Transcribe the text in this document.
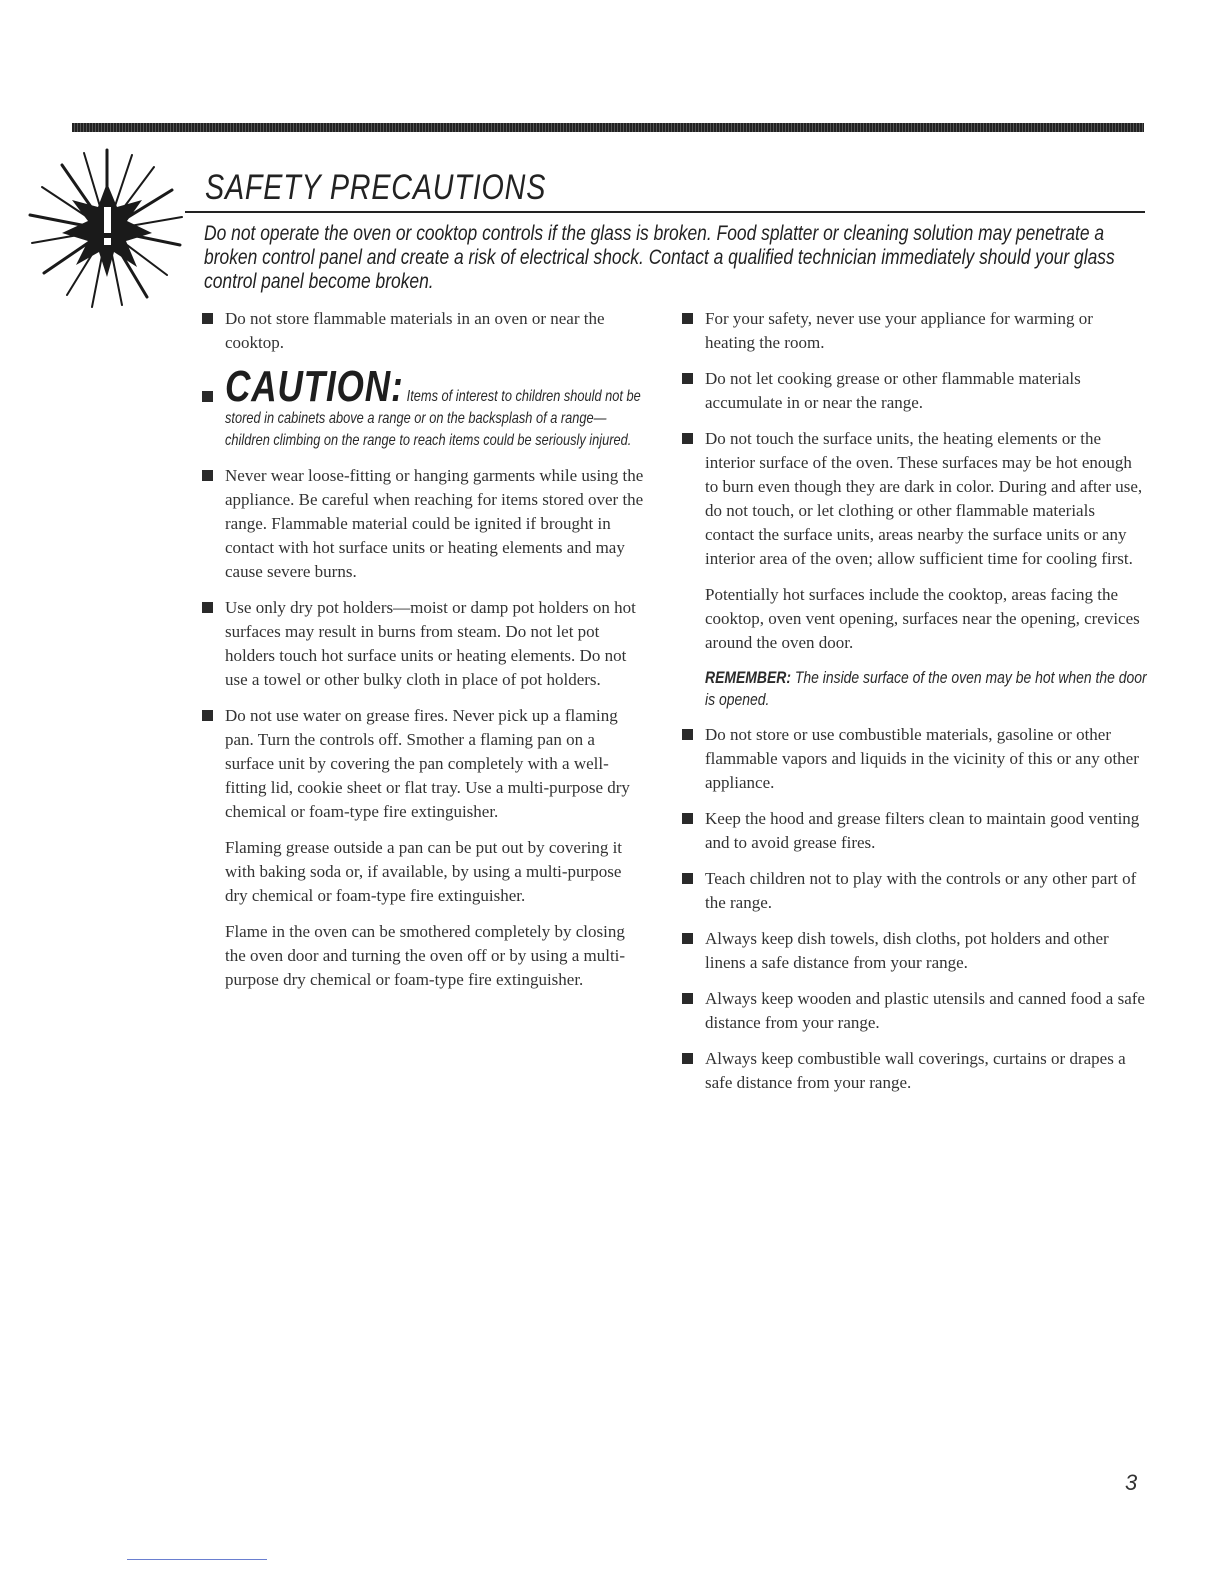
SAFETY PRECAUTIONS
Do not operate the oven or cooktop controls if the glass is broken. Food splatter or cleaning solution may penetrate a broken control panel and create a risk of electrical shock. Contact a qualified technician immediately should your glass control panel become broken.
Do not store flammable materials in an oven or near the cooktop.
CAUTION: Items of interest to children should not be stored in cabinets above a range or on the backsplash of a range—children climbing on the range to reach items could be seriously injured.
Never wear loose-fitting or hanging garments while using the appliance. Be careful when reaching for items stored over the range. Flammable material could be ignited if brought in contact with hot surface units or heating elements and may cause severe burns.
Use only dry pot holders—moist or damp pot holders on hot surfaces may result in burns from steam. Do not let pot holders touch hot surface units or heating elements. Do not use a towel or other bulky cloth in place of pot holders.
Do not use water on grease fires. Never pick up a flaming pan. Turn the controls off. Smother a flaming pan on a surface unit by covering the pan completely with a well-fitting lid, cookie sheet or flat tray. Use a multi-purpose dry chemical or foam-type fire extinguisher.
Flaming grease outside a pan can be put out by covering it with baking soda or, if available, by using a multi-purpose dry chemical or foam-type fire extinguisher.
Flame in the oven can be smothered completely by closing the oven door and turning the oven off or by using a multi-purpose dry chemical or foam-type fire extinguisher.
For your safety, never use your appliance for warming or heating the room.
Do not let cooking grease or other flammable materials accumulate in or near the range.
Do not touch the surface units, the heating elements or the interior surface of the oven. These surfaces may be hot enough to burn even though they are dark in color. During and after use, do not touch, or let clothing or other flammable materials contact the surface units, areas nearby the surface units or any interior area of the oven; allow sufficient time for cooling first.
Potentially hot surfaces include the cooktop, areas facing the cooktop, oven vent opening, surfaces near the opening, crevices around the oven door.
REMEMBER: The inside surface of the oven may be hot when the door is opened.
Do not store or use combustible materials, gasoline or other flammable vapors and liquids in the vicinity of this or any other appliance.
Keep the hood and grease filters clean to maintain good venting and to avoid grease fires.
Teach children not to play with the controls or any other part of the range.
Always keep dish towels, dish cloths, pot holders and other linens a safe distance from your range.
Always keep wooden and plastic utensils and canned food a safe distance from your range.
Always keep combustible wall coverings, curtains or drapes a safe distance from your range.
3
